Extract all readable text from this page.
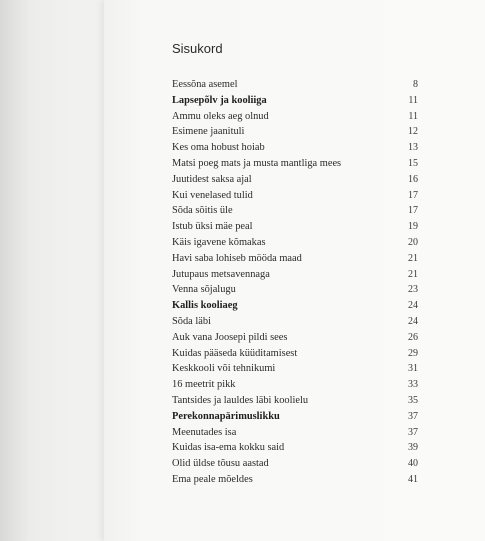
Sisukord
Eessõna asemel	8
Lapsepõlv ja kooliiga	11
Ammu oleks aeg olnud	11
Esimene jaanituli	12
Kes oma hobust hoiab	13
Matsi poeg mats ja musta mantliga mees	15
Juutidest saksa ajal	16
Kui venelased tulid	17
Sõda sõitis üle	17
Istub üksi mäe peal	19
Käis igavene kõmakas	20
Havi saba lohiseb mööda maad	21
Jutupaus metsavennaga	21
Venna sõjalugu	23
Kallis kooliaeg	24
Sõda läbi	24
Auk vana Joosepi pildi sees	26
Kuidas pääseda küüditamisest	29
Keskkooli või tehnikumi	31
16 meetrit pikk	33
Tantsides ja lauldes läbi koolielu	35
Perekonnapärimuslikku	37
Meenutades isa	37
Kuidas isa-ema kokku said	39
Olid üldse tõusu aastad	40
Ema peale mõeldes	41
